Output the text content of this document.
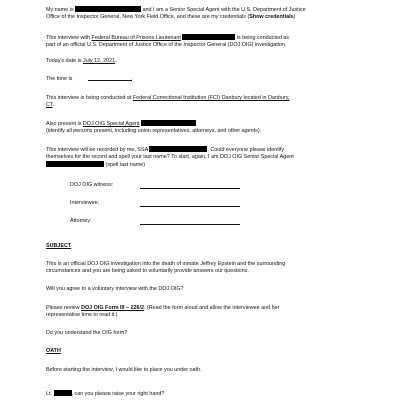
My name is	and I am a Senior Special Agent with the U.S. Department of Justice
Office of the Inspector General, New York Field Office, and these are my credentials (Show credentials)

This interview with Federal Bureau of Prisons Lieutenant	is being conducted as
part of an official U.S. Department of Justice Office of the Inspector General (DOJ OIG) investigation.

Today's date is July 12, 2021.

The time is	.

This interview is being conducted at Federal Correctional Institution (FCI) Danbury located in Danbury,
CT.

Also present is DOJ OIG Special Agent
(identify all persons present, including union representatives, attorneys, and other agents).

This interview will be recorded by me, SSA	. Could everyone please identify
themselves for the record and spell your last name? To start, again, I am DOJ OIG Senior Special Agent
(spell last name)

DOJ OIG witness:

Interviewee:

Attorney:

SUBJECT

This is an official DOJ OIG investigation into the death of inmate Jeffrey Epstein and the surrounding
circumstances and you are being asked to voluntarily provide answers our questions.

Will you agree to a voluntary interview with the DOJ OIG?

Please review DOJ OIG Form III – 226/2. (Read the form aloud and allow the interviewee and her
representative time to read it.)

Do you understand the OIG form?

OATH

Before starting the interview, I would like to place you under oath.

Lt.	, can you please raise your right hand?
